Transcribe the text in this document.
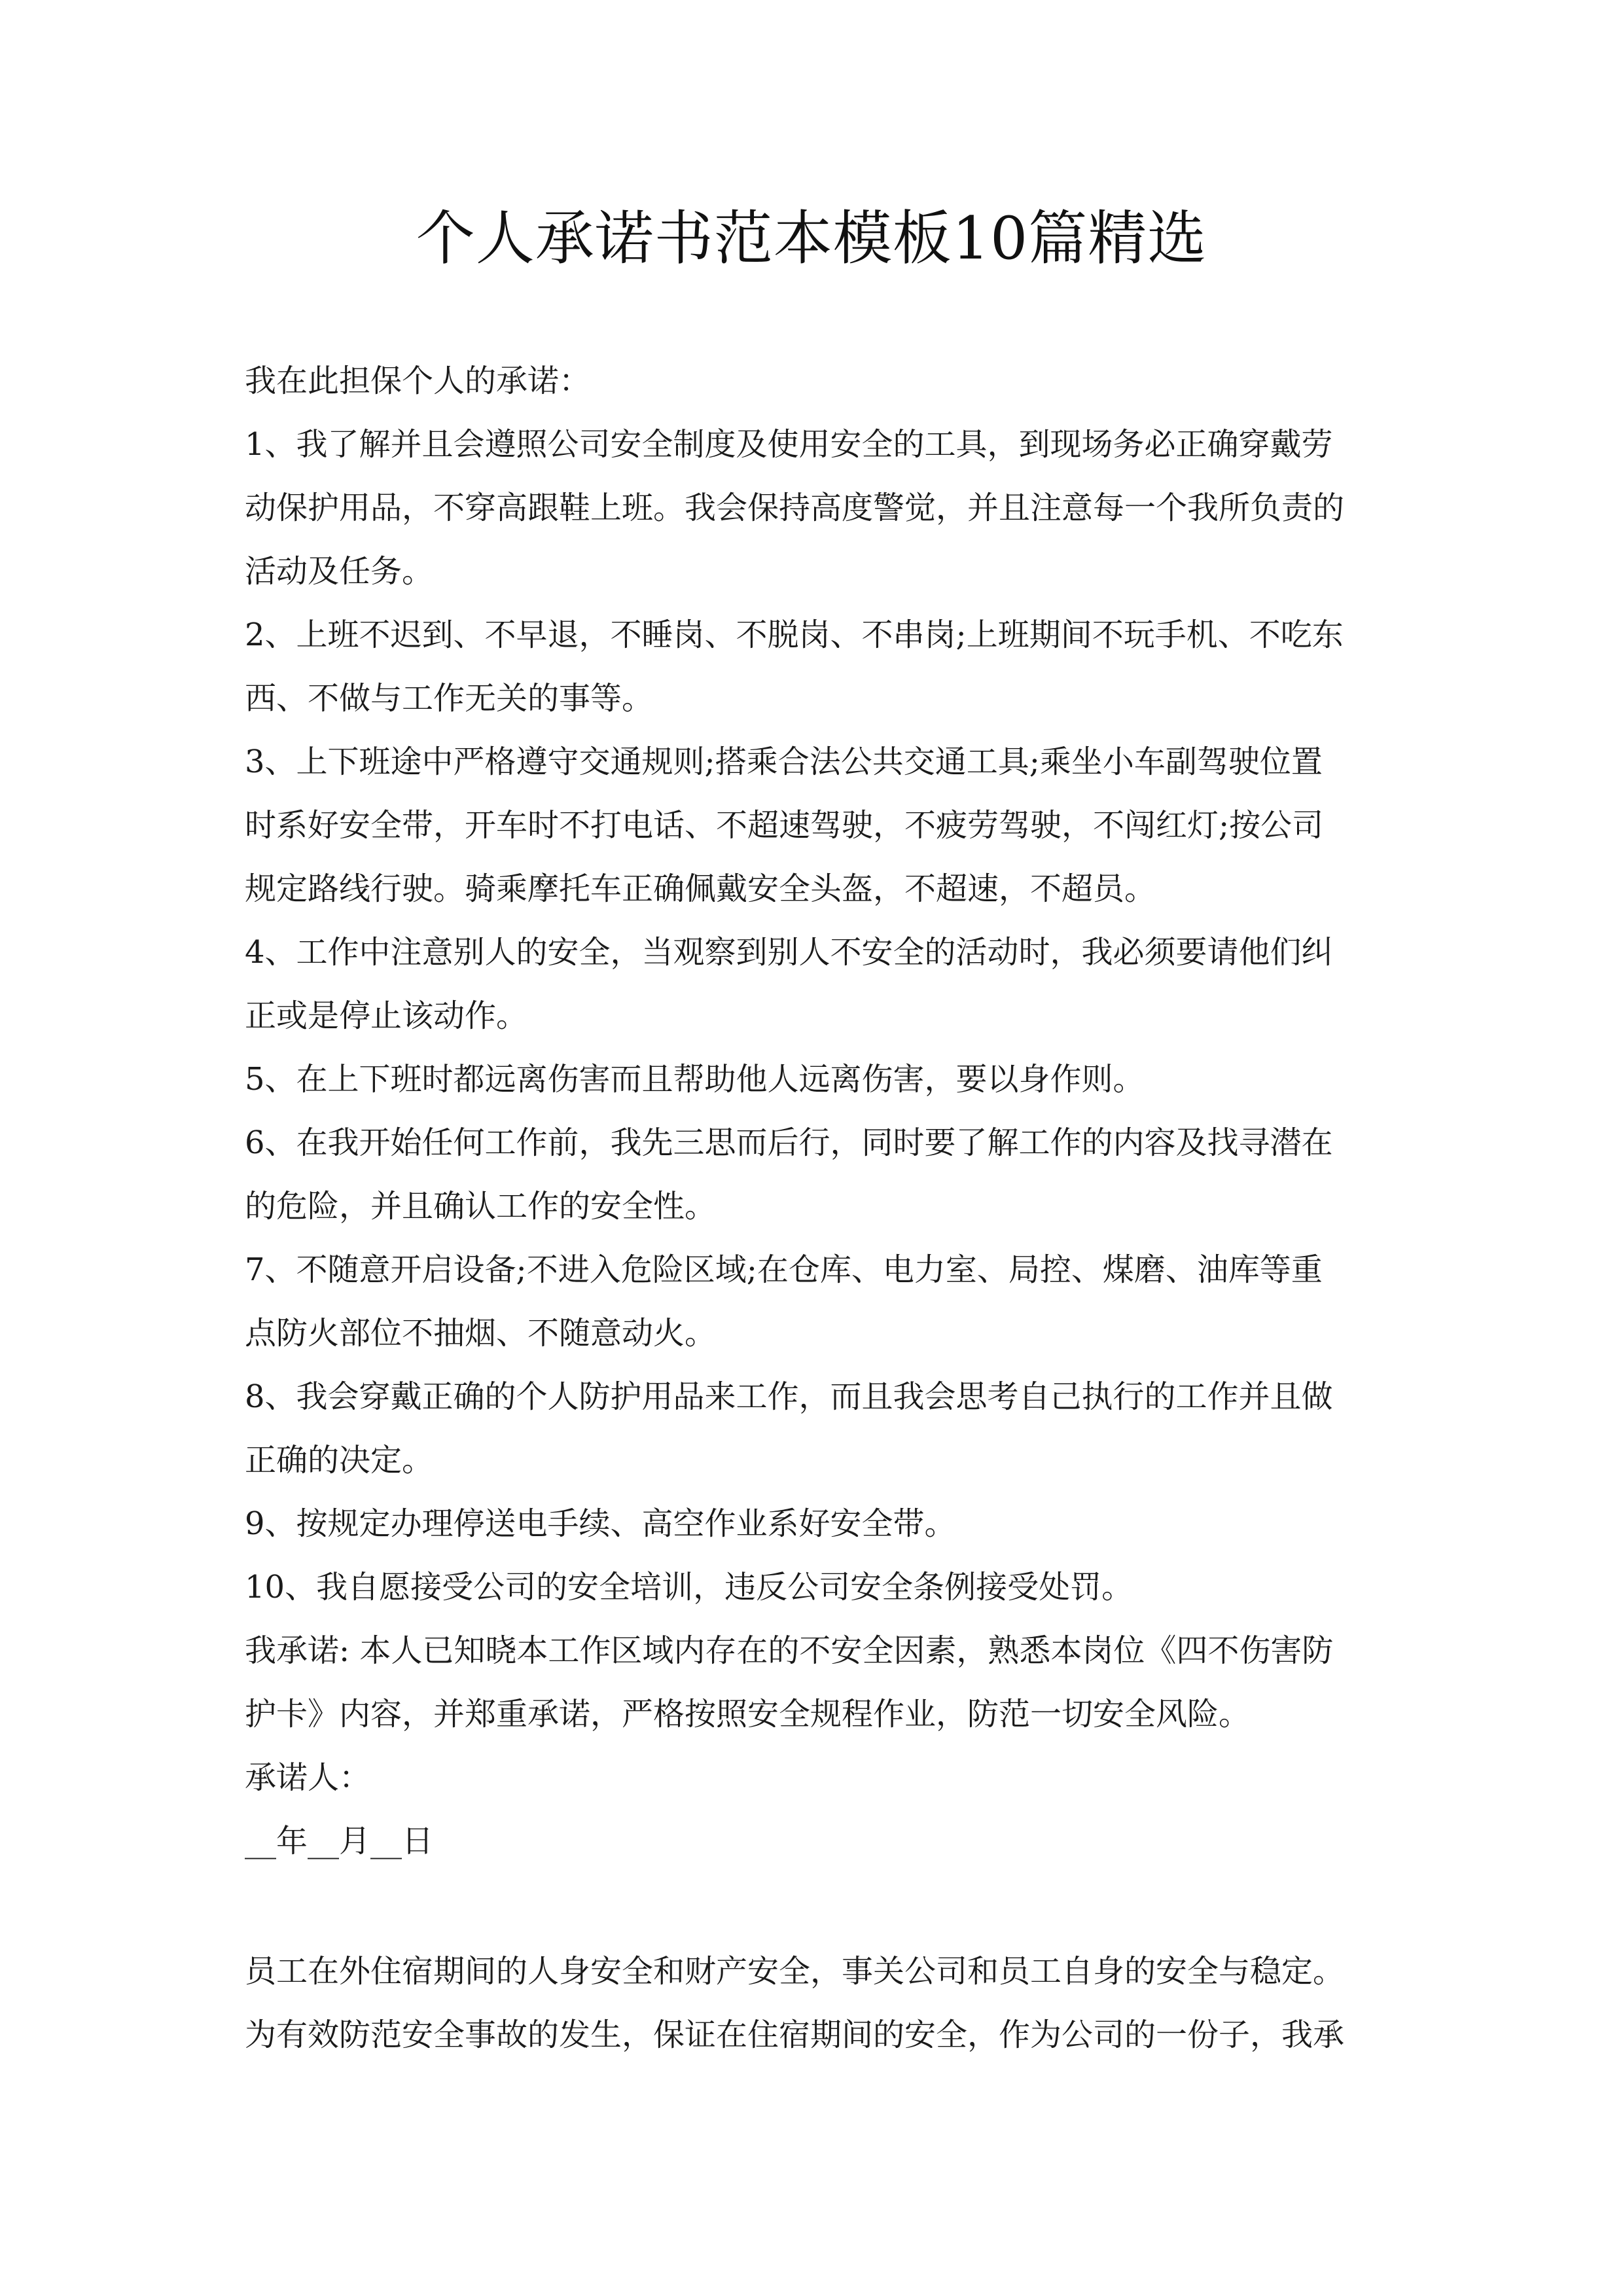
个人承诺书范本模板10篇精选
我在此担保个人的承诺：
1、我了解并且会遵照公司安全制度及使用安全的工具，到现场务必正确穿戴劳
动保护用品，不穿高跟鞋上班。我会保持高度警觉，并且注意每一个我所负责的
活动及任务。
2、上班不迟到、不早退，不睡岗、不脱岗、不串岗;上班期间不玩手机、不吃东
西、不做与工作无关的事等。
3、上下班途中严格遵守交通规则;搭乘合法公共交通工具;乘坐小车副驾驶位置
时系好安全带，开车时不打电话、不超速驾驶，不疲劳驾驶，不闯红灯;按公司
规定路线行驶。骑乘摩托车正确佩戴安全头盔，不超速，不超员。
4、工作中注意别人的安全，当观察到别人不安全的活动时，我必须要请他们纠
正或是停止该动作。
5、在上下班时都远离伤害而且帮助他人远离伤害，要以身作则。
6、在我开始任何工作前，我先三思而后行，同时要了解工作的内容及找寻潜在
的危险，并且确认工作的安全性。
7、不随意开启设备;不进入危险区域;在仓库、电力室、局控、煤磨、油库等重
点防火部位不抽烟、不随意动火。
8、我会穿戴正确的个人防护用品来工作，而且我会思考自己执行的工作并且做
正确的决定。
9、按规定办理停送电手续、高空作业系好安全带。
10、我自愿接受公司的安全培训，违反公司安全条例接受处罚。
我承诺: 本人已知晓本工作区域内存在的不安全因素，熟悉本岗位《四不伤害防
护卡》内容，并郑重承诺，严格按照安全规程作业，防范一切安全风险。
承诺人：
__年__月__日
员工在外住宿期间的人身安全和财产安全，事关公司和员工自身的安全与稳定。
为有效防范安全事故的发生，保证在住宿期间的安全，作为公司的一份子，我承
